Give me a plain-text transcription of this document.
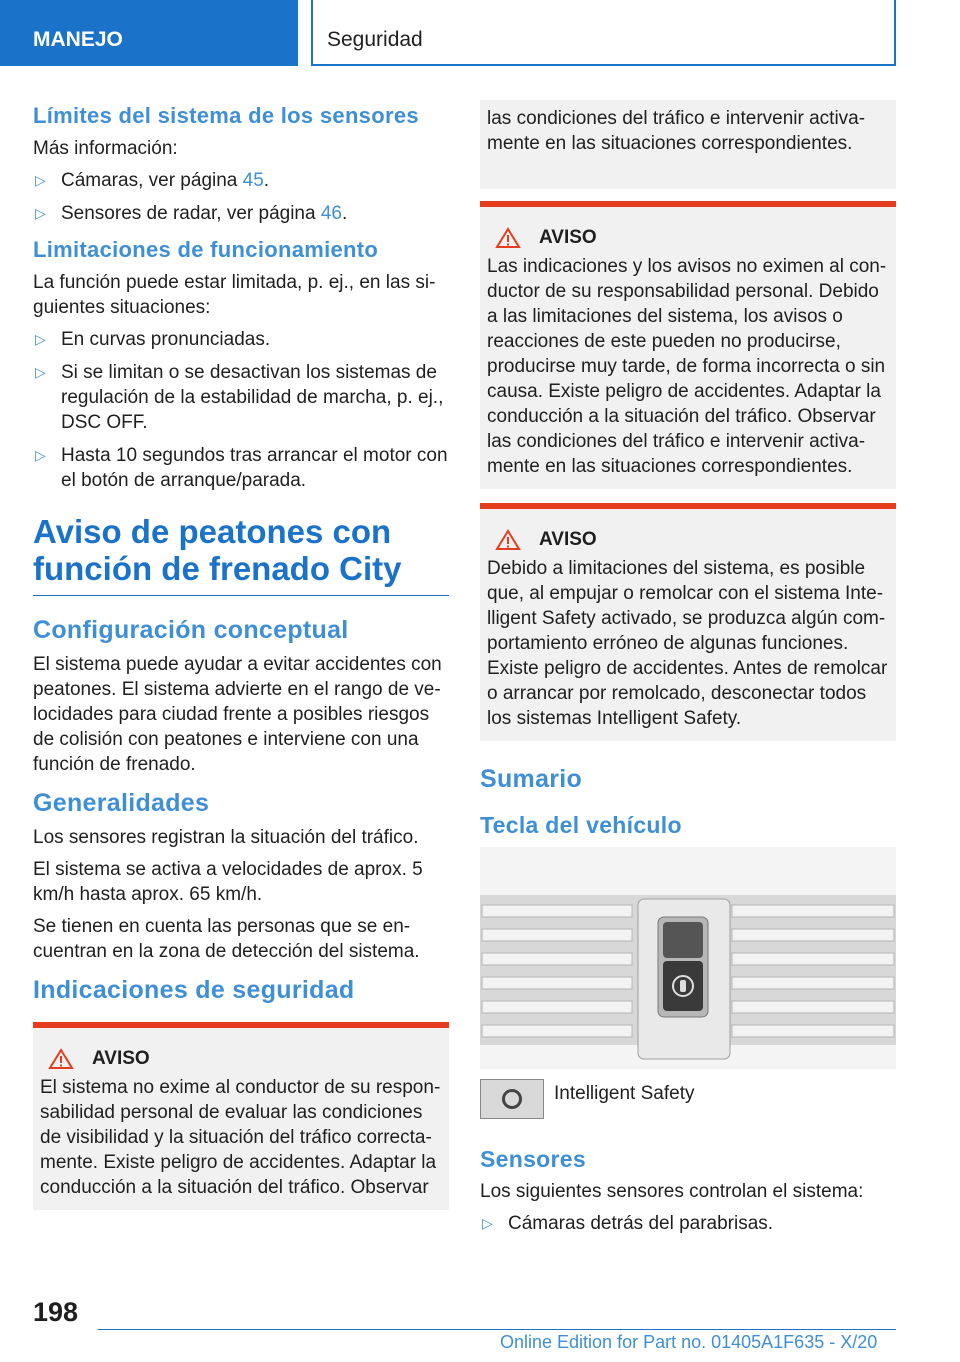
MANEJO	Seguridad
Límites del sistema de los sensores

Más información:

▷ Cámaras, ver página 45.
▷ Sensores de radar, ver página 46.
Limitaciones de funcionamiento

La función puede estar limitada, p. ej., en las siguientes situaciones:

▷ En curvas pronunciadas.
▷ Si se limitan o se desactivan los sistemas de regulación de la estabilidad de marcha, p. ej., DSC OFF.
▷ Hasta 10 segundos tras arrancar el motor con el botón de arranque/parada.
Aviso de peatones con función de frenado City
Configuración conceptual

El sistema puede ayudar a evitar accidentes con peatones. El sistema advierte en el rango de velocidades para ciudad frente a posibles riesgos de colisión con peatones e interviene con una función de frenado.

Generalidades

Los sensores registran la situación del tráfico.

El sistema se activa a velocidades de aprox. 5 km/h hasta aprox. 65 km/h.

Se tienen en cuenta las personas que se encuentran en la zona de detección del sistema.

Indicaciones de seguridad
AVISO

El sistema no exime al conductor de su responsabilidad personal de evaluar las condiciones de visibilidad y la situación del tráfico correctamente. Existe peligro de accidentes. Adaptar la conducción a la situación del tráfico. Observar

las condiciones del tráfico e intervenir activamente en las situaciones correspondientes.

AVISO

Las indicaciones y los avisos no eximen al conductor de su responsabilidad personal. Debido a las limitaciones del sistema, los avisos o reacciones de este pueden no producirse, producirse muy tarde, de forma incorrecta o sin causa. Existe peligro de accidentes. Adaptar la conducción a la situación del tráfico. Observar las condiciones del tráfico e intervenir activamente en las situaciones correspondientes.

AVISO

Debido a limitaciones del sistema, es posible que, al empujar o remolcar con el sistema Intelligent Safety activado, se produzca algún comportamiento erróneo de algunas funciones. Existe peligro de accidentes. Antes de remolcar o arrancar por remolcado, desconectar todos los sistemas Intelligent Safety.

Sumario
Tecla del vehículo
Intelligent Safety
Sensores

Los siguientes sensores controlan el sistema:

▷ Cámaras detrás del parabrisas.
198
Online Edition for Part no. 01405A1F635 - X/20
